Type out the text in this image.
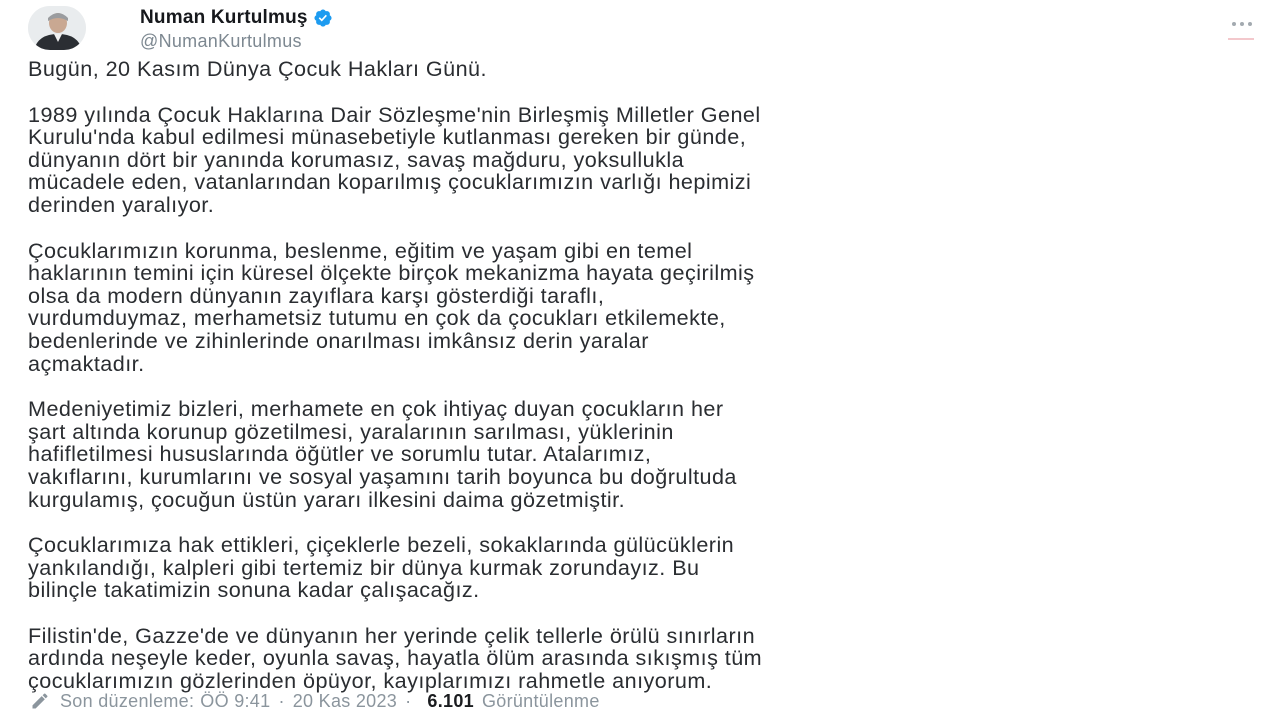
Numan Kurtulmuş
@NumanKurtulmus

Bugün, 20 Kasım Dünya Çocuk Hakları Günü.

1989 yılında Çocuk Haklarına Dair Sözleşme'nin Birleşmiş Milletler Genel
Kurulu'nda kabul edilmesi münasebetiyle kutlanması gereken bir günde,
dünyanın dört bir yanında korumasız, savaş mağduru, yoksullukla
mücadele eden, vatanlarından koparılmış çocuklarımızın varlığı hepimizi
derinden yaralıyor.

Çocuklarımızın korunma, beslenme, eğitim ve yaşam gibi en temel
haklarının temini için küresel ölçekte birçok mekanizma hayata geçirilmiş
olsa da modern dünyanın zayıflara karşı gösterdiği taraflı,
vurdumduymaz, merhametsiz tutumu en çok da çocukları etkilemekte,
bedenlerinde ve zihinlerinde onarılması imkânsız derin yaralar
açmaktadır.

Medeniyetimiz bizleri, merhamete en çok ihtiyaç duyan çocukların her
şart altında korunup gözetilmesi, yaralarının sarılması, yüklerinin
hafifletilmesi hususlarında öğütler ve sorumlu tutar. Atalarımız,
vakıflarını, kurumlarını ve sosyal yaşamını tarih boyunca bu doğrultuda
kurgulamış, çocuğun üstün yararı ilkesini daima gözetmiştir.

Çocuklarımıza hak ettikleri, çiçeklerle bezeli, sokaklarında gülücüklerin
yankılandığı, kalpleri gibi tertemiz bir dünya kurmak zorundayız. Bu
bilinçle takatimizin sonuna kadar çalışacağız.

Filistin'de, Gazze'de ve dünyanın her yerinde çelik tellerle örülü sınırların
ardında neşeyle keder, oyunla savaş, hayatla ölüm arasında sıkışmış tüm
çocuklarımızın gözlerinden öpüyor, kayıplarımızı rahmetle anıyorum.

Son düzenleme: ÖÖ 9:41 · 20 Kas 2023 · 6.101 Görüntülenme
